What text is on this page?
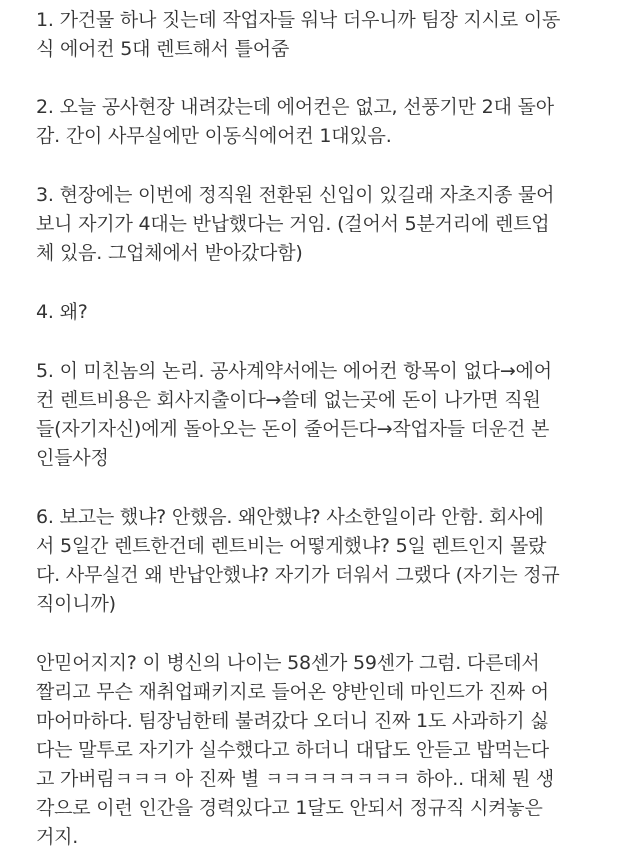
1. 가건물 하나 짓는데 작업자들 워낙 더우니까 팀장 지시로 이동
식 에어컨 5대 렌트해서 틀어줌
2. 오늘 공사현장 내려갔는데 에어컨은 없고, 선풍기만 2대 돌아
감. 간이 사무실에만 이동식에어컨 1대있음.
3. 현장에는 이번에 정직원 전환된 신입이 있길래 자초지종 물어
보니 자기가 4대는 반납했다는 거임. (걸어서 5분거리에 렌트업
체 있음. 그업체에서 받아갔다함)
4. 왜?
5. 이 미친놈의 논리. 공사계약서에는 에어컨 항목이 없다→에어
컨 렌트비용은 회사지출이다→쓸데 없는곳에 돈이 나가면 직원
들(자기자신)에게 돌아오는 돈이 줄어든다→작업자들 더운건 본
인들사정
6. 보고는 했냐? 안했음. 왜안했냐? 사소한일이라 안함. 회사에
서 5일간 렌트한건데 렌트비는 어떻게했냐? 5일 렌트인지 몰랐
다. 사무실건 왜 반납안했냐? 자기가 더워서 그랬다 (자기는 정규
직이니까)
안믿어지지? 이 병신의 나이는 58센가 59센가 그럼. 다른데서
짤리고 무슨 재취업패키지로 들어온 양반인데 마인드가 진짜 어
마어마하다. 팀장님한테 불려갔다 오더니 진짜 1도 사과하기 싫
다는 말투로 자기가 실수했다고 하더니 대답도 안듣고 밥먹는다
고 가버림ㅋㅋㅋ 아 진짜 별 ㅋㅋㅋㅋㅋㅋㅋㅋ 하아.. 대체 뭔 생
각으로 이런 인간을 경력있다고 1달도 안되서 정규직 시켜놓은
거지.
